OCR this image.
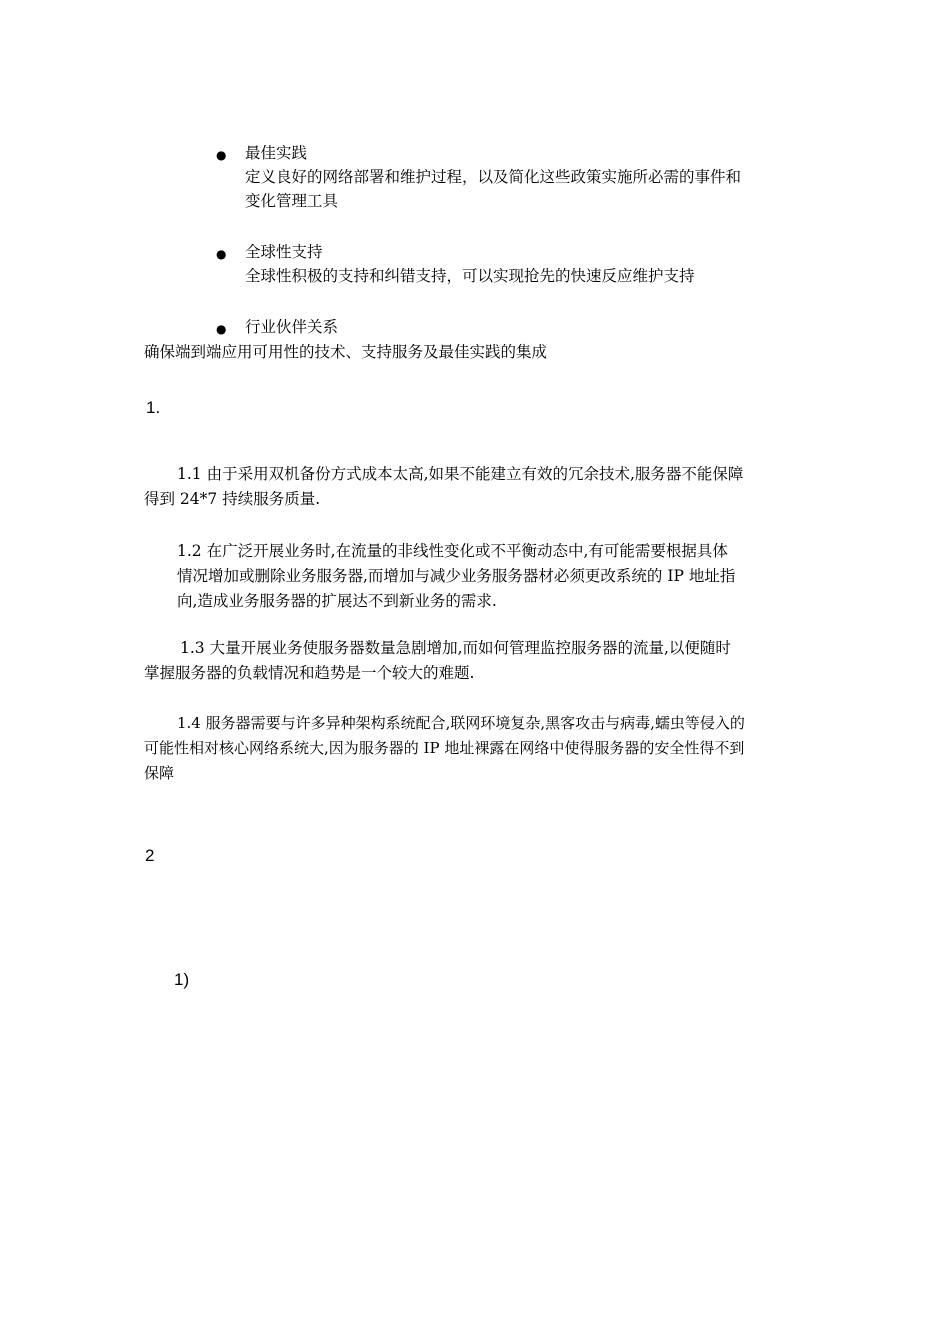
● 最佳实践
定义良好的网络部署和维护过程，以及简化这些政策实施所必需的事件和
变化管理工具
● 全球性支持
全球性积极的支持和纠错支持，可以实现抢先的快速反应维护支持
● 行业伙伴关系
确保端到端应用可用性的技术、支持服务及最佳实践的集成
1.
1.1 由于采用双机备份方式成本太高,如果不能建立有效的冗余技术,服务器不能保障
得到 24*7 持续服务质量.
1.2 在广泛开展业务时,在流量的非线性变化或不平衡动态中,有可能需要根据具体
情况增加或删除业务服务器,而增加与减少业务服务器材必须更改系统的 IP 地址指
向,造成业务服务器的扩展达不到新业务的需求.
1.3 大量开展业务使服务器数量急剧增加,而如何管理监控服务器的流量,以便随时
掌握服务器的负载情况和趋势是一个较大的难题.
1.4 服务器需要与许多异种架构系统配合,联网环境复杂,黑客攻击与病毒,蠕虫等侵入的
可能性相对核心网络系统大,因为服务器的 IP 地址裸露在网络中使得服务器的安全性得不到
保障
2
1)
